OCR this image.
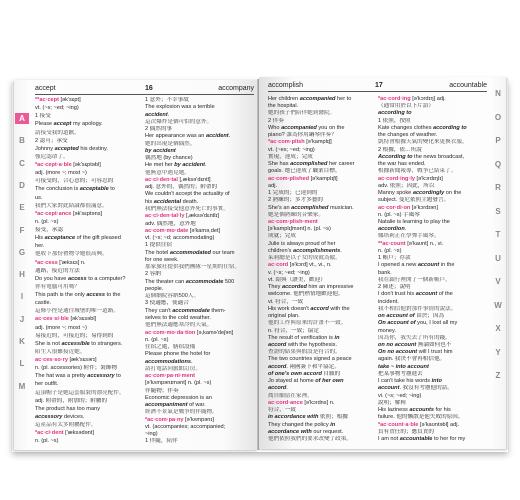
accept	16	accompany
A
B
C
D
E
F
G
H
I
J
K
L
M
**ac·cept [ək'sɛpt]
vt. (~s; ~ed; ~ing)
1 接受
Please accept my apology.
請接受我的道歉。
2 認可；承受
Johnny accepted his destiny.
強尼認命了。
*ac·cept·a·ble [ək'sɛptəbl]
adj. (more ~; most ~)
可接受的，合心意的；可容忍的
The conclusion is acceptable to
us.
我們大家對此結論都很滿意。
*ac·cept·ance [ək'sɛptəns]
n. (pl. ~s)
接受，承認
His acceptance of the gift pleased
her.
他收下那份禮物令她很高興。
*ac·cess ['æksɛs] n.
通路，接近的方法
Do you have access to a computer?
你有電腦可用嗎？
This path is the only access to the
castle.
這條小徑是通往城堡的唯一道路。
ac·ces·si·ble [ək'sɛsəbl]
adj. (more ~; most ~)
易接近的，可接近的；易得到的
She is not accessible to strangers.
陌生人很難接近她。
ac·ces·so·ry [æk'sɛsərɪ]
n. (pl. accessories) 附件；裝飾物
The hat was a pretty accessory to
her outfit.
這頂帽子是她這套服裝的漂亮配件。
adj. 附帶的，附加的；附屬的
The product has too many
accessory devices.
這產品有太多附屬配件。
*ac·ci·dent ['æksədənt]
n. (pl. ~s)
1 意外；不幸事故
The explosion was a terrible
accident.
這次爆炸是個可怕的意外。
2 偶然的事
Her appearance was an accident.
她的出現是個偶然。
by accident
偶然地 (by chance)
He met her by accident.
他無意中遇見她。
ac·ci·den·tal [,æksə'dɛntl]
adj. 意外的，偶然的；附帶的
We couldn't accept the actuality of
his accidental death.
我們無法接受他意外死亡的事實。
ac·ci·den·tal·ly [,æksə'dɛntlɪ]
adv. 偶然地，意外地
ac·com·mo·date [ə'kamə,det]
vt. (~s; ~d; accommodating)
1 提供住宿
The hotel accommodated our team
for one week.
那家旅社提供我們團隊一星期的住宿。
2 容納
The theater can accommodate 500
people.
這個劇院容納500人。
3 使適應，使適合
They can't accommodate them-
selves to the cold weather.
他們無法適應寒冷的天氣。
ac·com·mo·da·tion [ə,kamə'deʃən]
n. (pl. ~s)
住宿之處，膳宿設備
Please phone the hotel for
accommodations.
請打電話向旅館訂房。
ac·com·pa·ni·ment
[ə'kʌmpənɪmənt] n. (pl. ~s)
伴隨物；伴奏
Economic depression is an
accompaniment of war.
經濟不景氣是戰爭的伴隨物。
*ac·com·pa·ny [ə'kʌmpənɪ]
vt. (accompanies; accompanied;
~ing)
1 伴隨，陪伴
accomplish	17	accountable
Her children accompanied her to
the hospital.
她的孩子們陪伴她到醫院。
2 伴奏
Who accompanied you on the
piano? 誰為你用鋼琴伴奏？
*ac·com·plish [ə'kamplɪʃ]
vt. (~es; ~ed; ~ing)
實現，達成；完成
She has accomplished her career
goals. 她已達成了職業目標。
ac·com·plished [ə'kamplɪʃt]
adj.
1 完成的；已達到的
2 熟練的；多才多藝的
She's an accomplished musician.
她是個熟練的音樂家。
ac·com·plish·ment
[ə'kamplɪʃmənt] n. (pl. ~s)
成就；完成
Julie is always proud of her
children's accomplishments.
茱莉總是以子女的成就為傲。
ac·cord [ə'kɔrd] vt., vi., n.
v. (~s; ~ed; ~ing)
vt. 給與（讚美，歡迎）
They accorded him an impressive
welcome. 他們熱情地歡迎他。
vi. 符合，一致
His work doesn't accord with the
original plan.
他的工作與原來的計畫不一致。
n. 符合，一致；協定
The result of verification is in
accord with the hypothesis.
查證的結果與假設是符合的。
The two countries signed a peace
accord. 兩國簽下和平協定。
of one's own accord 自願的
Jo stayed at home of her own
accord.
喬自願留在家裡。
ac·cord·ance [ə'kɔrdns] n.
符合，一致
in accordance with 依照；根據
They changed the policy in
accordance with our request.
他們依照我們的要求改變了政策。
*ac·cord·ing [ə'kɔrdɪŋ] adj.
（通常用於以下片語）
according to
1 依照，按照
Kate changes clothes according to
the changes of weather.
凱特會根據天氣的變化來更換衣服。
2 根據，依…所說
According to the news broadcast,
the war has ended.
根據新聞報導，戰爭已結束了。
ac·cord·ing·ly [ə'kɔrdɪŋlɪ]
adv. 依照；因此，所以
Manny spoke accordingly on the
subject. 曼尼依照主題發言。
ac·cor·di·on [ə'kɔrdɪən]
n. (pl. ~s) 手風琴
Natalie is learning to play the
accordion.
娜塔莉正在學彈手風琴。
**ac·count [ə'kaʊnt] n., vi.
n. (pl. ~s)
1 帳戶；存款
I opened a new account in the
bank.
我在銀行裡開了一個新帳戶。
2 陳述；說明
I don't trust his account of the
incident.
我不相信他對那件事情的說法。
on account of 由於；因為
On account of you, I lost all my
money.
因為你，我失去了所有的錢。
on no account 無論如何也不
On no account will I trust him
again. 我決不會再相信他。
take ~ into account
把某事物考慮進去
I can't take his words into
account. 我沒有考慮他的話。
vi. (~s; ~ed; ~ing)
說明；解釋
His laziness accounts for his
failure. 他的懶散是他失敗的原因。
*ac·count·a·ble [ə'kaʊntəbl] adj.
負有責任的；應負責的
I am not accountable to her for my
N
O
P
Q
R
S
T
U
V
W
X
Y
Z
